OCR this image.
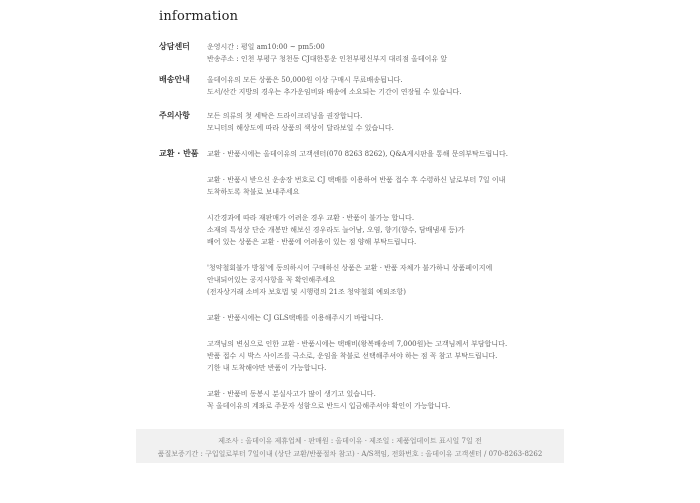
information
상담센터	운영시간 : 평일 am10:00 ~ pm5:00
반송주소 : 인천 부평구 청천동 CJ대한통운 인천부평신부지 대리점 올데이유 앞
배송안내	올데이유의 모든 상품은 50,000원 이상 구매시 무료배송됩니다.
도서/산간 지방의 경우는 추가운임비와 배송에 소요되는 기간이 연장될 수 있습니다.
주의사항	모든 의류의 첫 세탁은 드라이크리닝을 권장합니다.
모니터의 해상도에 따라 상품의 색상이 달라보일 수 있습니다.
교환 · 반품	교환 · 반품시에는 올데이유의 고객센터(070 8263 8262), Q&A게시판을 통해 문의부탁드립니다.
교환 · 반품시 받으신 운송장 번호로 CJ 택배를 이용하여 반품 접수 후 수령하신 날로부터 7일 이내
도착하도록 착불로 보내주세요
시간경과에 따라 재판매가 어려운 경우 교환 · 반품이 불가능 합니다.
소재의 특성상 단순 개봉만 해보신 경우라도 늘어남, 오염, 향기(향수, 담배냄새 등)가
배어 있는 상품은 교환 · 반품에 어려움이 있는 점 양해 부탁드립니다.
'청약철회불가 방침'에 동의하시어 구매하신 상품은 교환 · 반품 자체가 불가하니 상품페이지에
안내되어있는 공지사항을 꼭 확인해주세요
(전자상거래 소비자 보호법 및 시행령의 21조 청약철회 예외조항)
교환 · 반품시에는 CJ GLS택배를 이용해주시기 바랍니다.
고객님의 변심으로 인한 교환 · 반품시에는 택배비(왕복배송비 7,000원)는 고객님께서 부담합니다.
반품 접수 시 박스 사이즈를 극소로, 운임을 착불로 선택해주셔야 하는 점 꼭 참고 부탁드립니다.
기한 내 도착해야만 반품이 가능합니다.
교환 · 반품비 동봉시 분실사고가 많이 생기고 있습니다.
꼭 올데이유의 계좌로 주문자 성함으로 반드시 입금해주셔야 확인이 가능합니다.
제조사 : 올데이유 제휴업체 · 판매원 : 올데이유 · 제조일 : 제품업데이트 표시일 7일 전
품질보증기간 : 구입일로부터 7일이내 (상단 교환/반품절차 참고) · A/S책임, 전화번호 : 올데이유 고객센터 / 070-8263-8262
